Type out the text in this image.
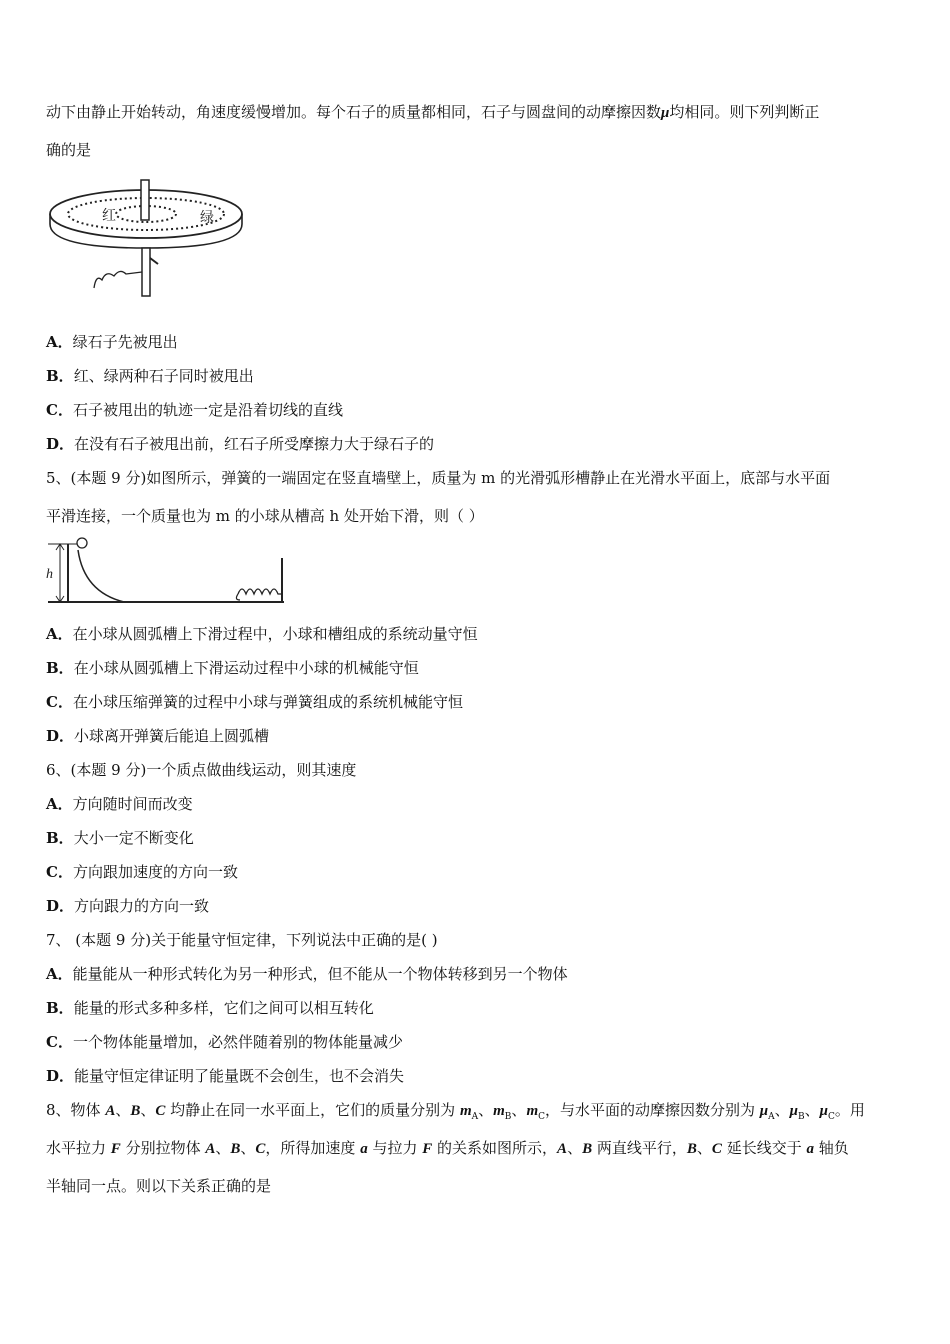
动下由静止开始转动，角速度缓慢增加。每个石子的质量都相同，石子与圆盘间的动摩擦因数μ均相同。则下列判断正
确的是
红	绿
A．绿石子先被甩出
B．红、绿两种石子同时被甩出
C．石子被甩出的轨迹一定是沿着切线的直线
D．在没有石子被甩出前，红石子所受摩擦力大于绿石子的
5、(本题 9 分)如图所示，弹簧的一端固定在竖直墙壁上，质量为 m 的光滑弧形槽静止在光滑水平面上，底部与水平面
平滑连接，一个质量也为 m 的小球从槽高 h 处开始下滑，则（ ）
h
A．在小球从圆弧槽上下滑过程中，小球和槽组成的系统动量守恒
B．在小球从圆弧槽上下滑运动过程中小球的机械能守恒
C．在小球压缩弹簧的过程中小球与弹簧组成的系统机械能守恒
D．小球离开弹簧后能追上圆弧槽
6、(本题 9 分)一个质点做曲线运动，则其速度
A．方向随时间而改变
B．大小一定不断变化
C．方向跟加速度的方向一致
D．方向跟力的方向一致
7、 (本题 9 分)关于能量守恒定律，下列说法中正确的是( )
A．能量能从一种形式转化为另一种形式，但不能从一个物体转移到另一个物体
B．能量的形式多种多样，它们之间可以相互转化
C．一个物体能量增加，必然伴随着别的物体能量减少
D．能量守恒定律证明了能量既不会创生，也不会消失
8、物体 A、B、C 均静止在同一水平面上，它们的质量分别为 $m_A$、$m_B$、$m_C$，与水平面的动摩擦因数分别为 $\mu_A$、$\mu_B$、$\mu_C$。用
水平拉力 F 分别拉物体 A、B、C，所得加速度 a 与拉力 F 的关系如图所示，A、B 两直线平行，B、C 延长线交于 a 轴负
半轴同一点。则以下关系正确的是
